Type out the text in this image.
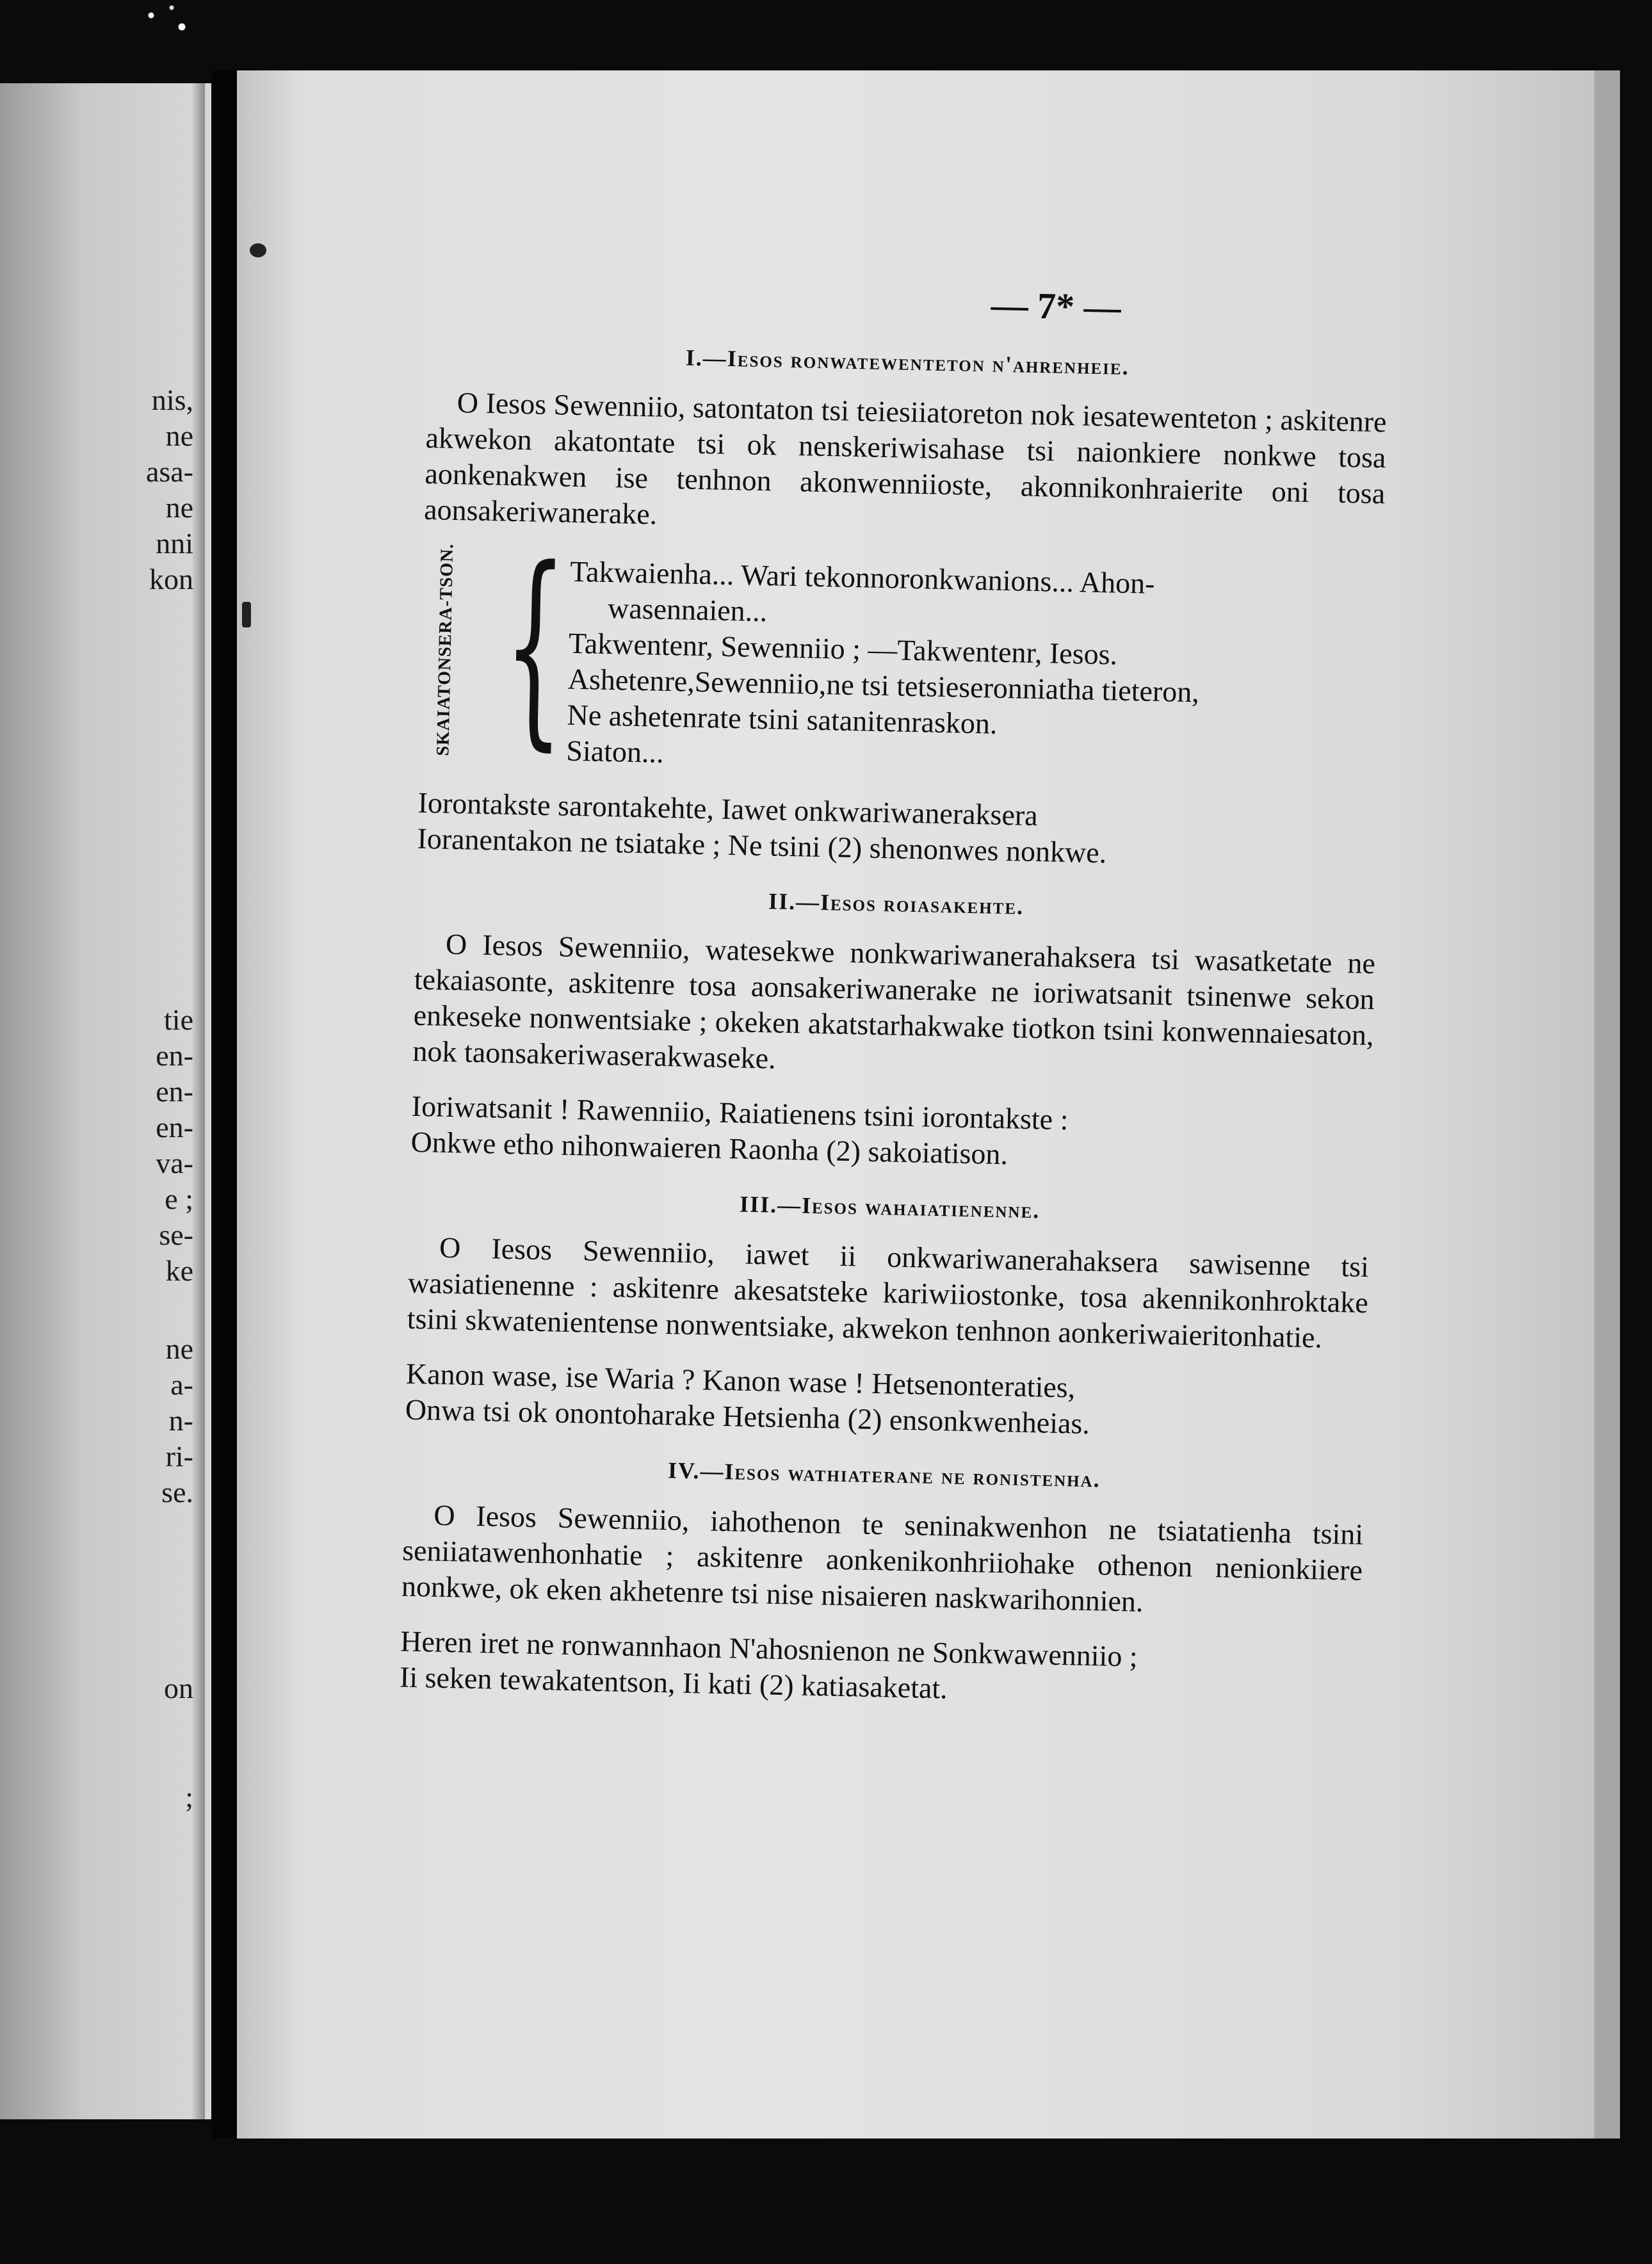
nis,
ne
asa-
ne
nni
kon
tie
en-
en-
en-
va-
e ;
se-
ke
ne
a-
n-
ri-
se.
on
;
— 7* —
I.—Iesos ronwatewenteton n'ahrenheie.

O Iesos Sewenniio, satontaton tsi teiesiiatoreton nok iesatewenteton ; askitenre akwekon akatontate tsi ok nenskeriwisahase tsi naionkiere nonkwe tosa aonkenakwen ise tenhnon akonwenniioste, akonnikonhraierite oni tosa aonsakeriwanerake.

SKAIATONSERA-TSON. { Takwaienha... Wari tekonnoronkwanions... Ahon-
wasennaien...
Takwentenr, Sewenniio ; —Takwentenr, Iesos.
Ashetenre,Sewenniio,ne tsi tetsieseronniatha tieteron,
Ne ashetenrate tsini satanitenraskon.
Siaton...

Iorontakste sarontakehte, Iawet onkwariwaneraksera
Ioranentakon ne tsiatake ; Ne tsini (2) shenonwes nonkwe.

II.—Iesos roiasakehte.

O Iesos Sewenniio, watesekwe nonkwariwanerahaksera tsi wasatketate ne tekaiasonte, askitenre tosa aonsakeriwanerake ne ioriwatsanit tsinenwe sekon enkeseke nonwentsiake ; okeken akatstarhakwake tiotkon tsini konwennaiesaton, nok taonsakeriwaserakwaseke.

Ioriwatsanit ! Rawenniio, Raiatienens tsini iorontakste :
Onkwe etho nihonwaieren Raonha (2) sakoiatison.

III.—Iesos wahaiatienenne.

O Iesos Sewenniio, iawet ii onkwariwanerahaksera sawisenne tsi wasiatienenne : askitenre akesatsteke kariwiiostonke, tosa akennikonhroktake tsini skwatenientense nonwentsiake, akwekon tenhnon aonkeriwaieritonhatie.

Kanon wase, ise Waria ? Kanon wase ! Hetsenonteraties,
Onwa tsi ok onontoharake Hetsienha (2) ensonkwenheias.

IV.—Iesos wathiaterane ne ronistenha.

O Iesos Sewenniio, iahothenon te seninakwenhon ne tsiatatienha tsini seniiatawenhonhatie ; askitenre aonkenikonhriiohake othenon nenionkiiere nonkwe, ok eken akhetenre tsi nise nisaieren naskwarihonnien.

Heren iret ne ronwannhaon N'ahosnienon ne Sonkwawenniio ;
Ii seken tewakatentson, Ii kati (2) katiasaketat.
